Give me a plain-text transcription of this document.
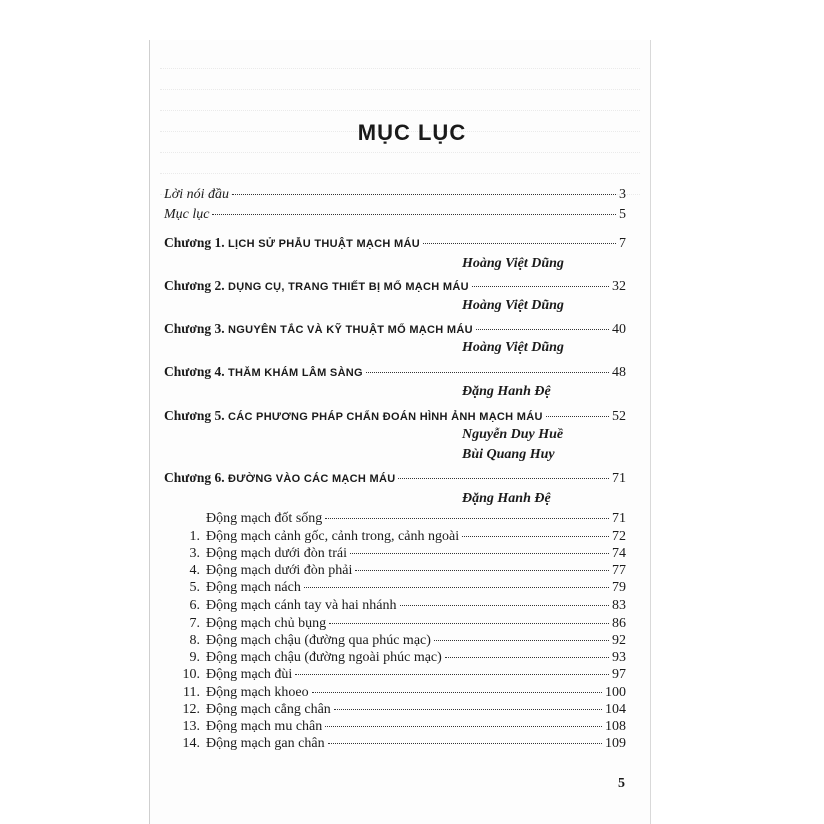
MỤC LỤC
Lời nói đầu	3
Mục lục	5
Chương 1. LỊCH SỬ PHẪU THUẬT MẠCH MÁU	7
Hoàng Việt Dũng
Chương 2. DỤNG CỤ, TRANG THIẾT BỊ MỔ MẠCH MÁU	32
Hoàng Việt Dũng
Chương 3. NGUYÊN TẮC VÀ KỸ THUẬT MỔ MẠCH MÁU	40
Hoàng Việt Dũng
Chương 4. THĂM KHÁM LÂM SÀNG	48
Đặng Hanh Đệ
Chương 5. CÁC PHƯƠNG PHÁP CHẨN ĐOÁN HÌNH ẢNH MẠCH MÁU	52
Nguyễn Duy Huề
Bùi Quang Huy
Chương 6. ĐƯỜNG VÀO CÁC MẠCH MÁU	71
Đặng Hanh Đệ
Động mạch đốt sống	71
1. Động mạch cảnh gốc, cảnh trong, cảnh ngoài	72
3. Động mạch dưới đòn trái	74
4. Động mạch dưới đòn phải	77
5. Động mạch nách	79
6. Động mạch cánh tay và hai nhánh	83
7. Động mạch chủ bụng	86
8. Động mạch chậu (đường qua phúc mạc)	92
9. Động mạch chậu (đường ngoài phúc mạc)	93
10. Động mạch đùi	97
11. Động mạch khoeo	100
12. Động mạch cẳng chân	104
13. Động mạch mu chân	108
14. Động mạch gan chân	109
5
